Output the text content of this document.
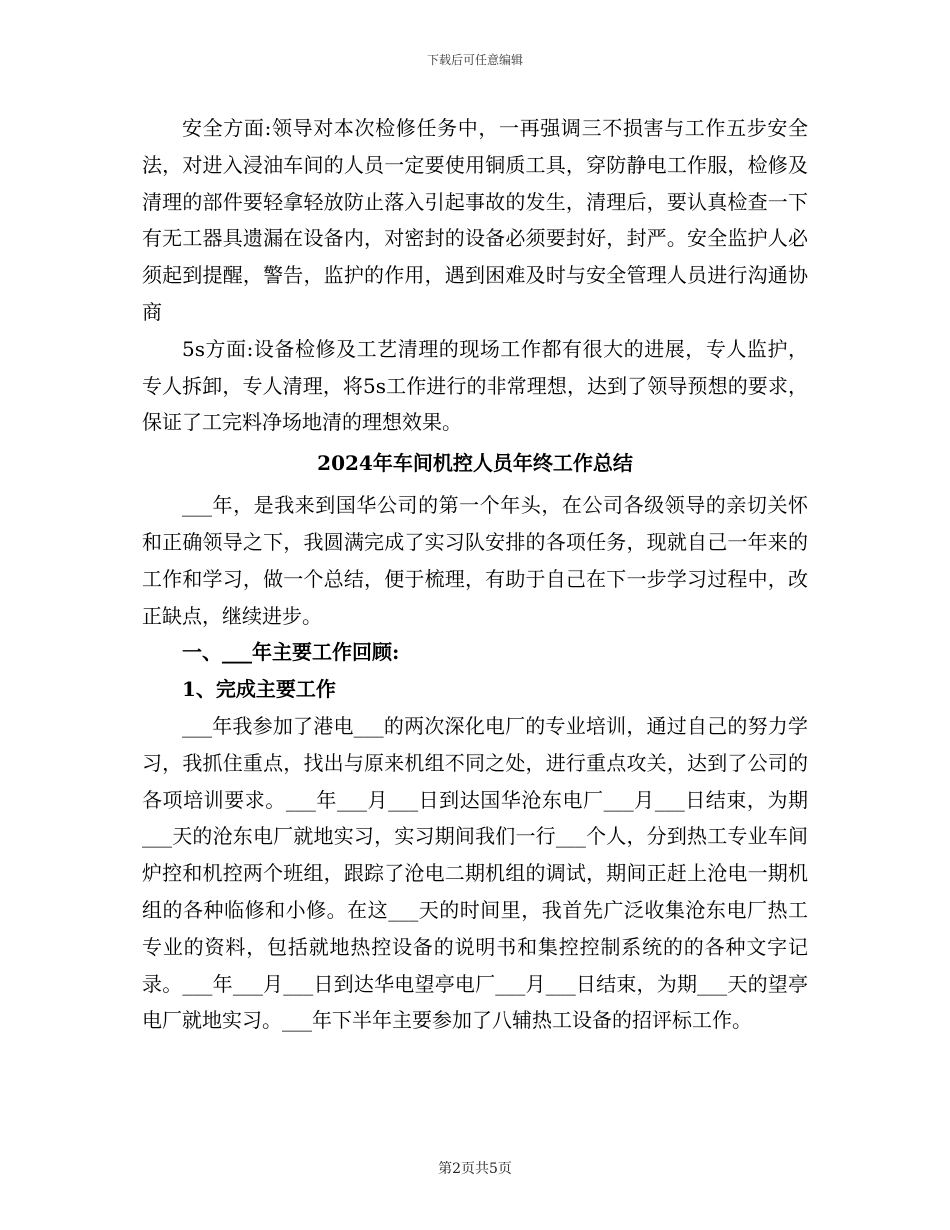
下载后可任意编辑

安全方面:领导对本次检修任务中，一再强调三不损害与工作五步安全法，对进入浸油车间的人员一定要使用铜质工具，穿防静电工作服，检修及清理的部件要轻拿轻放防止落入引起事故的发生，清理后，要认真检查一下有无工器具遗漏在设备内，对密封的设备必须要封好，封严。安全监护人必须起到提醒，警告，监护的作用，遇到困难及时与安全管理人员进行沟通协商

5s方面:设备检修及工艺清理的现场工作都有很大的进展，专人监护，专人拆卸，专人清理，将5s工作进行的非常理想，达到了领导预想的要求，保证了工完料净场地清的理想效果。

2024年车间机控人员年终工作总结

___年，是我来到国华公司的第一个年头，在公司各级领导的亲切关怀和正确领导之下，我圆满完成了实习队安排的各项任务，现就自己一年来的工作和学习，做一个总结，便于梳理，有助于自己在下一步学习过程中，改正缺点，继续进步。

一、___年主要工作回顾:

1、完成主要工作

___年我参加了港电___的两次深化电厂的专业培训，通过自己的努力学习，我抓住重点，找出与原来机组不同之处，进行重点攻关，达到了公司的各项培训要求。___年___月___日到达国华沧东电厂___月___日结束，为期___天的沧东电厂就地实习，实习期间我们一行___个人，分到热工专业车间炉控和机控两个班组，跟踪了沧电二期机组的调试，期间正赶上沧电一期机组的各种临修和小修。在这___天的时间里，我首先广泛收集沧东电厂热工专业的资料，包括就地热控设备的说明书和集控控制系统的的各种文字记录。___年___月___日到达华电望亭电厂___月___日结束，为期___天的望亭电厂就地实习。___年下半年主要参加了八辅热工设备的招评标工作。

第2页共5页
